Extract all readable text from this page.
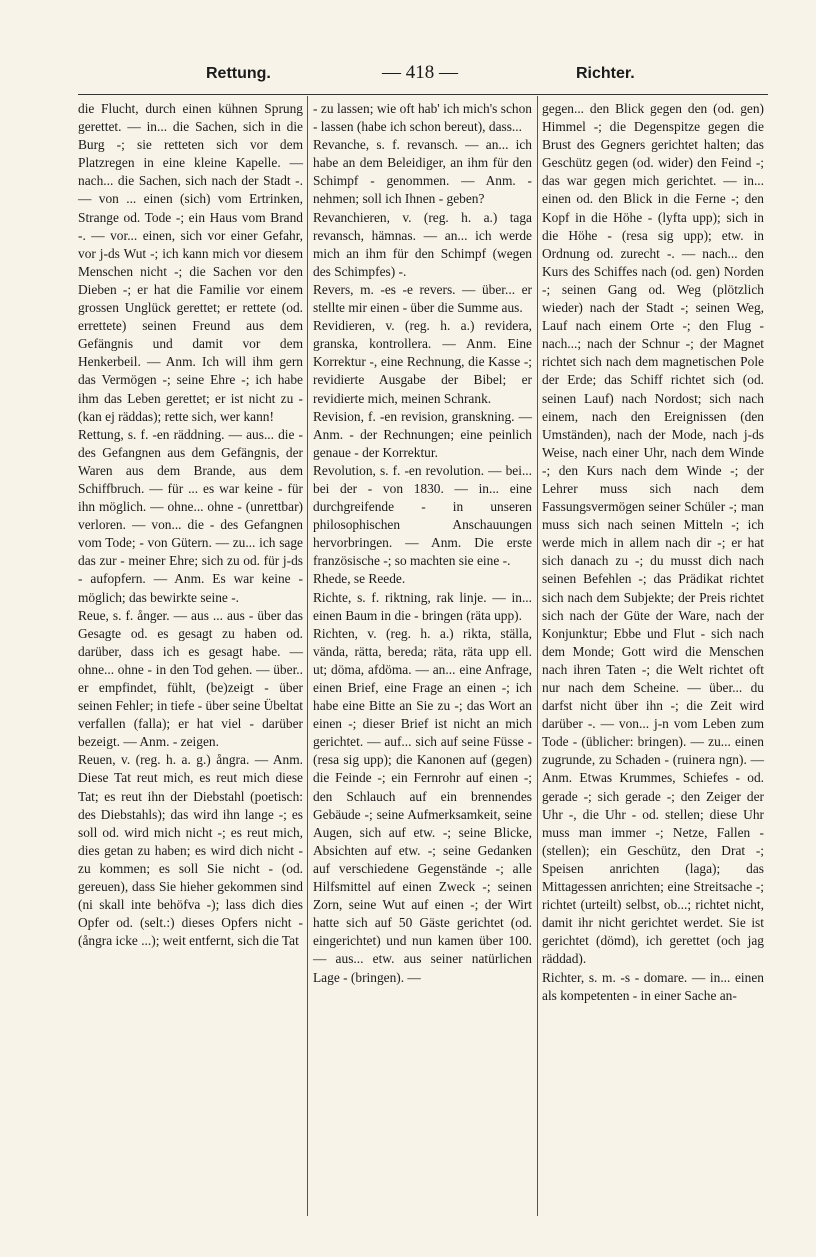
Rettung.	— 418 —	Richter.

die Flucht, durch einen kühnen Sprung gerettet. — in... die Sachen, sich in die Burg -; sie retteten sich vor dem Platzregen in eine kleine Kapelle. — nach... die Sachen, sich nach der Stadt -. — von ... einen (sich) vom Ertrinken, Strange od. Tode -; ein Haus vom Brand -. — vor... einen, sich vor einer Gefahr, vor j-ds Wut -; ich kann mich vor diesem Menschen nicht -; die Sachen vor den Dieben -; er hat die Familie vor einem grossen Unglück gerettet; er rettete (od. errettete) seinen Freund aus dem Gefängnis und damit vor dem Henkerbeil. — Anm. Ich will ihm gern das Vermögen -; seine Ehre -; ich habe ihm das Leben gerettet; er ist nicht zu - (kan ej räddas); rette sich, wer kann!

Rettung, s. f. -en räddning. — aus... die - des Gefangnen aus dem Gefängnis, der Waren aus dem Brande, aus dem Schiffbruch. — für ... es war keine - für ihn möglich. — ohne... ohne - (unrettbar) verloren. — von... die - des Gefangnen vom Tode; - von Gütern. — zu... ich sage das zur - meiner Ehre; sich zu od. für j-ds - aufopfern. — Anm. Es war keine - möglich; das bewirkte seine -.

Reue, s. f. ånger. — aus ... aus - über das Gesagte od. es gesagt zu haben od. darüber, dass ich es gesagt habe. — ohne... ohne - in den Tod gehen. — über.. er empfindet, fühlt, (be)zeigt - über seinen Fehler; in tiefe - über seine Übeltat verfallen (falla); er hat viel - darüber bezeigt. — Anm. - zeigen.

Reuen, v. (reg. h. a. g.) ångra. — Anm. Diese Tat reut mich, es reut mich diese Tat; es reut ihn der Diebstahl (poetisch: des Diebstahls); das wird ihn lange -; es soll od. wird mich nicht -; es reut mich, dies getan zu haben; es wird dich nicht - zu kommen; es soll Sie nicht - (od. gereuen), dass Sie hieher gekommen sind (ni skall inte behöfva -); lass dich dies Opfer od. (selt.:) dieses Opfers nicht - (ångra icke ...); weit entfernt, sich die Tat

- zu lassen; wie oft hab' ich mich's schon - lassen (habe ich schon bereut), dass...

Revanche, s. f. revansch. — an... ich habe an dem Beleidiger, an ihm für den Schimpf - genommen. — Anm. - nehmen; soll ich Ihnen - geben?

Revanchieren, v. (reg. h. a.) taga revansch, hämnas. — an... ich werde mich an ihm für den Schimpf (wegen des Schimpfes) -.

Revers, m. -es -e revers. — über... er stellte mir einen - über die Summe aus.

Revidieren, v. (reg. h. a.) revidera, granska, kontrollera. — Anm. Eine Korrektur -, eine Rechnung, die Kasse -; revidierte Ausgabe der Bibel; er revidierte mich, meinen Schrank.

Revision, f. -en revision, granskning. — Anm. - der Rechnungen; eine peinlich genaue - der Korrektur.

Revolution, s. f. -en revolution. — bei... bei der - von 1830. — in... eine durchgreifende - in unseren philosophischen Anschauungen hervorbringen. — Anm. Die erste französische -; so machten sie eine -.

Rhede, se Reede.

Richte, s. f. riktning, rak linje. — in... einen Baum in die - bringen (räta upp).

Richten, v. (reg. h. a.) rikta, ställa, vända, rätta, bereda; räta, räta upp ell. ut; döma, afdöma. — an... eine Anfrage, einen Brief, eine Frage an einen -; ich habe eine Bitte an Sie zu -; das Wort an einen -; dieser Brief ist nicht an mich gerichtet. — auf... sich auf seine Füsse - (resa sig upp); die Kanonen auf (gegen) die Feinde -; ein Fernrohr auf einen -; den Schlauch auf ein brennendes Gebäude -; seine Aufmerksamkeit, seine Augen, sich auf etw. -; seine Blicke, Absichten auf etw. -; seine Gedanken auf verschiedene Gegenstände -; alle Hilfsmittel auf einen Zweck -; seinen Zorn, seine Wut auf einen -; der Wirt hatte sich auf 50 Gäste gerichtet (od. eingerichtet) und nun kamen über 100. — aus... etw. aus seiner natürlichen Lage - (bringen). —

gegen... den Blick gegen den (od. gen) Himmel -; die Degenspitze gegen die Brust des Gegners gerichtet halten; das Geschütz gegen (od. wider) den Feind -; das war gegen mich gerichtet. — in... einen od. den Blick in die Ferne -; den Kopf in die Höhe - (lyfta upp); sich in die Höhe - (resa sig upp); etw. in Ordnung od. zurecht -. — nach... den Kurs des Schiffes nach (od. gen) Norden -; seinen Gang od. Weg (plötzlich wieder) nach der Stadt -; seinen Weg, Lauf nach einem Orte -; den Flug - nach...; nach der Schnur -; der Magnet richtet sich nach dem magnetischen Pole der Erde; das Schiff richtet sich (od. seinen Lauf) nach Nordost; sich nach einem, nach den Ereignissen (den Umständen), nach der Mode, nach j-ds Weise, nach einer Uhr, nach dem Winde -; den Kurs nach dem Winde -; der Lehrer muss sich nach dem Fassungsvermögen seiner Schüler -; man muss sich nach seinen Mitteln -; ich werde mich in allem nach dir -; er hat sich danach zu -; du musst dich nach seinen Befehlen -; das Prädikat richtet sich nach dem Subjekte; der Preis richtet sich nach der Güte der Ware, nach der Konjunktur; Ebbe und Flut - sich nach dem Monde; Gott wird die Menschen nach ihren Taten -; die Welt richtet oft nur nach dem Scheine. — über... du darfst nicht über ihn -; die Zeit wird darüber -. — von... j-n vom Leben zum Tode - (üblicher: bringen). — zu... einen zugrunde, zu Schaden - (ruinera ngn). — Anm. Etwas Krummes, Schiefes - od. gerade -; sich gerade -; den Zeiger der Uhr -, die Uhr - od. stellen; diese Uhr muss man immer -; Netze, Fallen - (stellen); ein Geschütz, den Drat -; Speisen anrichten (laga); das Mittagessen anrichten; eine Streitsache -; richtet (urteilt) selbst, ob...; richtet nicht, damit ihr nicht gerichtet werdet. Sie ist gerichtet (dömd), ich gerettet (och jag räddad).

Richter, s. m. -s - domare. — in... einen als kompetenten - in einer Sache an-
